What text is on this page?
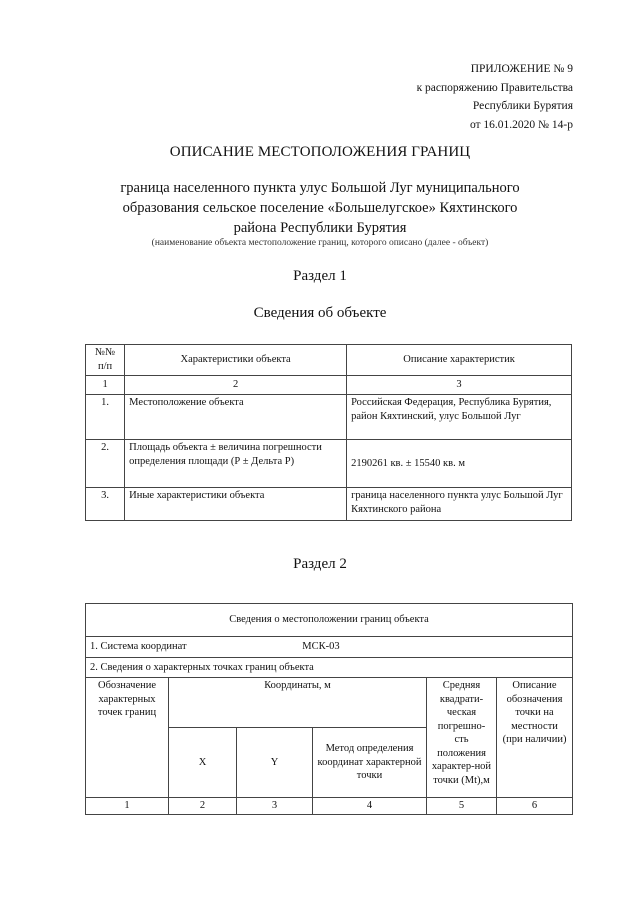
ПРИЛОЖЕНИЕ № 9
к распоряжению Правительства
Республики Бурятия
от 16.01.2020 № 14-р
ОПИСАНИЕ МЕСТОПОЛОЖЕНИЯ ГРАНИЦ
граница населенного пункта улус Большой Луг муниципального
образования сельское поселение «Большелугское» Кяхтинского
района Республики Бурятия
(наименование объекта местоположение границ, которого описано (далее - объект)
Раздел 1
Сведения об объекте
№№ п/п	Характеристики объекта	Описание характеристик
1	2	3
1.	Местоположение объекта	Российская Федерация, Республика Бурятия, район Кяхтинский, улус Большой Луг
2.	Площадь объекта ± величина погрешности определения площади (Р ± Дельта Р)	2190261 кв. ± 15540 кв. м
3.	Иные характеристики объекта	граница населенного пункта улус Большой Луг Кяхтинского района
Раздел 2
Сведения о местоположении границ объекта					
1. Система координат МСК-03					
2. Сведения о характерных точках границ объекта					
Обозначение характерных точек границ	Координаты, м			Средняя квадрати-ческая погрешно-сть положения характер-ной точки (Мt),м	Описание обозначения точки на местности (при наличии)
	X	Y	Метод определения координат характерной точки		
1	2	3	4	5	6
